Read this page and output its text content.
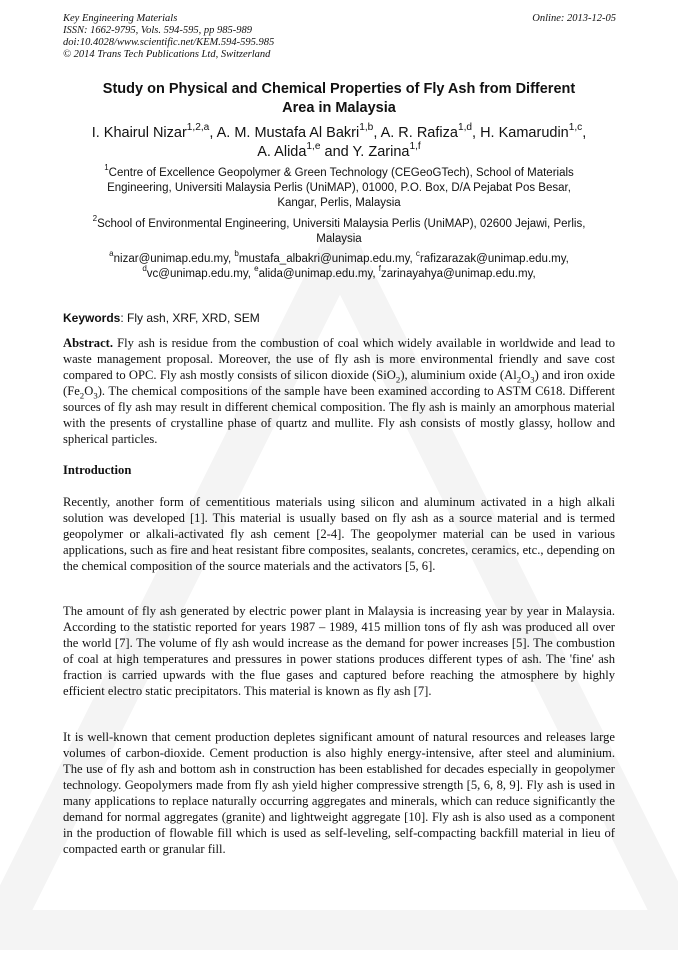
Key Engineering Materials
ISSN: 1662-9795, Vols. 594-595, pp 985-989
doi:10.4028/www.scientific.net/KEM.594-595.985
© 2014 Trans Tech Publications Ltd, Switzerland
Online: 2013-12-05
Study on Physical and Chemical Properties of Fly Ash from Different
Area in Malaysia
I. Khairul Nizar$^{1,2,a}$, A. M. Mustafa Al Bakri$^{1,b}$, A. R. Rafiza$^{1,d}$, H. Kamarudin$^{1,c}$,
A. Alida$^{1,e}$ and Y. Zarina$^{1,f}$
$^1$Centre of Excellence Geopolymer & Green Technology (CEGeoGTech), School of Materials
Engineering, Universiti Malaysia Perlis (UniMAP), 01000, P.O. Box, D/A Pejabat Pos Besar,
Kangar, Perlis, Malaysia
$^2$School of Environmental Engineering, Universiti Malaysia Perlis (UniMAP), 02600 Jejawi, Perlis,
Malaysia
$^a$nizar@unimap.edu.my, $^b$mustafa_albakri@unimap.edu.my, $^c$rafizarazak@unimap.edu.my,
$^d$vc@unimap.edu.my, $^e$alida@unimap.edu.my, $^f$zarinayahya@unimap.edu.my,
Keywords: Fly ash, XRF, XRD, SEM
Abstract. Fly ash is residue from the combustion of coal which widely available in worldwide and lead to waste management proposal. Moreover, the use of fly ash is more environmental friendly and save cost compared to OPC. Fly ash mostly consists of silicon dioxide (SiO$_2$), aluminium oxide $(Al_2O_3)$ and iron oxide $(Fe_2O_3)$. The chemical compositions of the sample have been examined according to ASTM C618. Different sources of fly ash may result in different chemical composition. The fly ash is mainly an amorphous material with the presents of crystalline phase of quartz and mullite. Fly ash consists of mostly glassy, hollow and spherical particles.
Introduction
Recently, another form of cementitious materials using silicon and aluminum activated in a high alkali solution was developed [1]. This material is usually based on fly ash as a source material and is termed geopolymer or alkali-activated fly ash cement [2-4]. The geopolymer material can be used in various applications, such as fire and heat resistant fibre composites, sealants, concretes, ceramics, etc., depending on the chemical composition of the source materials and the activators [5, 6].
The amount of fly ash generated by electric power plant in Malaysia is increasing year by year in Malaysia. According to the statistic reported for years 1987 – 1989, 415 million tons of fly ash was produced all over the world [7]. The volume of fly ash would increase as the demand for power increases [5]. The combustion of coal at high temperatures and pressures in power stations produces different types of ash. The 'fine' ash fraction is carried upwards with the flue gases and captured before reaching the atmosphere by highly efficient electro static precipitators. This material is known as fly ash [7].
It is well-known that cement production depletes significant amount of natural resources and releases large volumes of carbon-dioxide. Cement production is also highly energy-intensive, after steel and aluminium. The use of fly ash and bottom ash in construction has been established for decades especially in geopolymer technology. Geopolymers made from fly ash yield higher compressive strength [5, 6, 8, 9]. Fly ash is used in many applications to replace naturally occurring aggregates and minerals, which can reduce significantly the demand for normal aggregates (granite) and lightweight aggregate [10]. Fly ash is also used as a component in the production of flowable fill which is used as self-leveling, self-compacting backfill material in lieu of compacted earth or granular fill.
